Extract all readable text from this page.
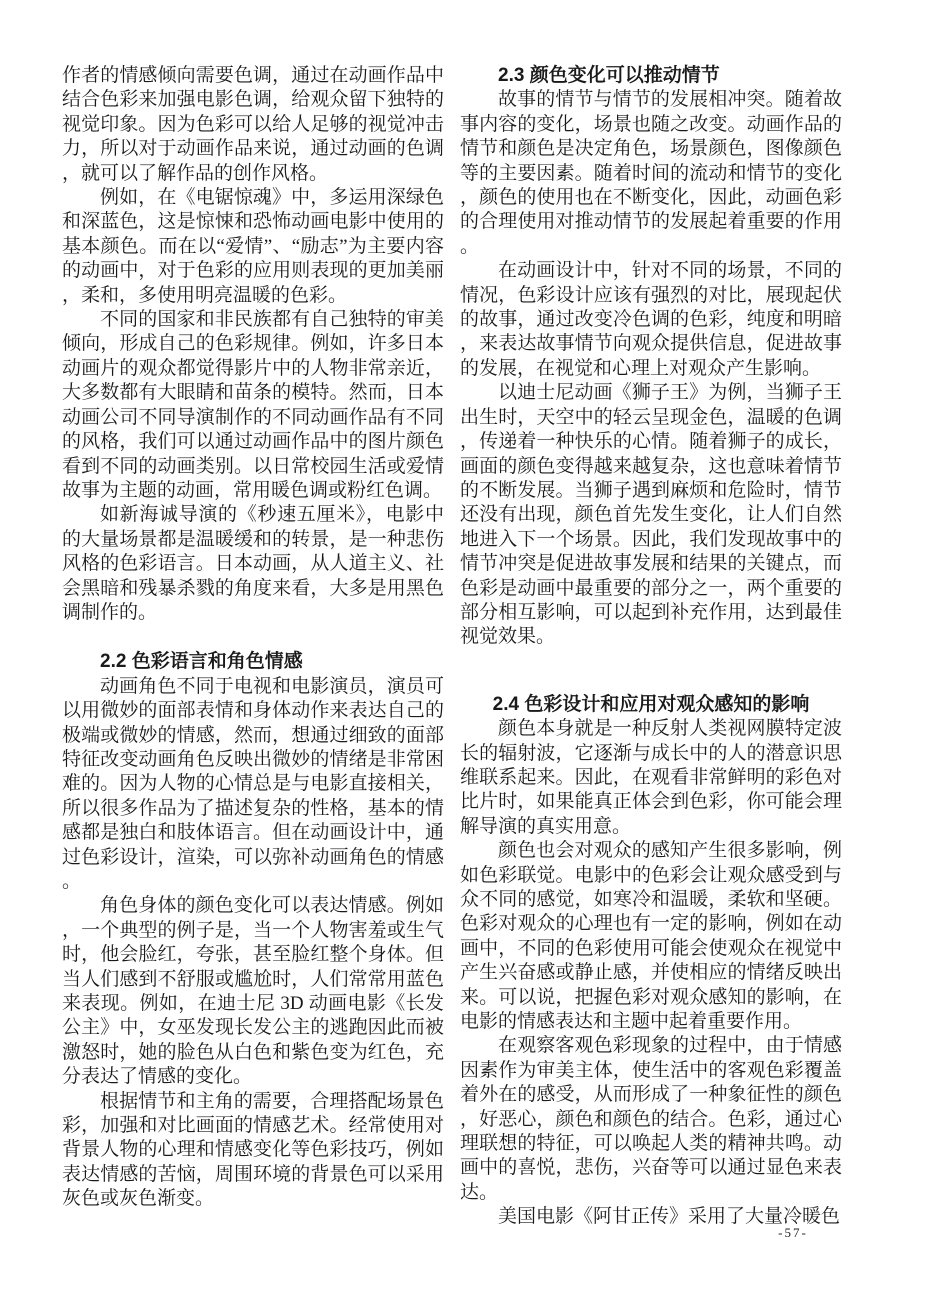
作者的情感倾向需要色调，通过在动画作品中结合色彩来加强电影色调，给观众留下独特的视觉印象。因为色彩可以给人足够的视觉冲击力，所以对于动画作品来说，通过动画的色调，就可以了解作品的创作风格。

例如，在《电锯惊魂》中，多运用深绿色和深蓝色，这是惊悚和恐怖动画电影中使用的基本颜色。而在以“爱情”、“励志”为主要内容的动画中，对于色彩的应用则表现的更加美丽，柔和，多使用明亮温暖的色彩。

不同的国家和非民族都有自己独特的审美倾向，形成自己的色彩规律。例如，许多日本动画片的观众都觉得影片中的人物非常亲近，大多数都有大眼睛和苗条的模特。然而，日本动画公司不同导演制作的不同动画作品有不同的风格，我们可以通过动画作品中的图片颜色看到不同的动画类别。以日常校园生活或爱情故事为主题的动画，常用暖色调或粉红色调。

如新海诚导演的《秒速五厘米》，电影中的大量场景都是温暖缓和的转景，是一种悲伤风格的色彩语言。日本动画，从人道主义、社会黑暗和残暴杀戮的角度来看，大多是用黑色调制作的。

2.2 色彩语言和角色情感

动画角色不同于电视和电影演员，演员可以用微妙的面部表情和身体动作来表达自己的极端或微妙的情感，然而，想通过细致的面部特征改变动画角色反映出微妙的情绪是非常困难的。因为人物的心情总是与电影直接相关，所以很多作品为了描述复杂的性格，基本的情感都是独白和肢体语言。但在动画设计中，通过色彩设计，渲染，可以弥补动画角色的情感。

角色身体的颜色变化可以表达情感。例如，一个典型的例子是，当一个人物害羞或生气时，他会脸红，夸张，甚至脸红整个身体。但当人们感到不舒服或尴尬时，人们常常用蓝色来表现。例如，在迪士尼 3D 动画电影《长发公主》中，女巫发现长发公主的逃跑因此而被激怒时，她的脸色从白色和紫色变为红色，充分表达了情感的变化。

根据情节和主角的需要，合理搭配场景色彩，加强和对比画面的情感艺术。经常使用对背景人物的心理和情感变化等色彩技巧，例如表达情感的苦恼，周围环境的背景色可以采用灰色或灰色渐变。

2.3 颜色变化可以推动情节

故事的情节与情节的发展相冲突。随着故事内容的变化，场景也随之改变。动画作品的情节和颜色是决定角色，场景颜色，图像颜色等的主要因素。随着时间的流动和情节的变化，颜色的使用也在不断变化，因此，动画色彩的合理使用对推动情节的发展起着重要的作用。

在动画设计中，针对不同的场景，不同的情况，色彩设计应该有强烈的对比，展现起伏的故事，通过改变冷色调的色彩，纯度和明暗，来表达故事情节向观众提供信息，促进故事的发展，在视觉和心理上对观众产生影响。

以迪士尼动画《狮子王》为例，当狮子王出生时，天空中的轻云呈现金色，温暖的色调，传递着一种快乐的心情。随着狮子的成长，画面的颜色变得越来越复杂，这也意味着情节的不断发展。当狮子遇到麻烦和危险时，情节还没有出现，颜色首先发生变化，让人们自然地进入下一个场景。因此，我们发现故事中的情节冲突是促进故事发展和结果的关键点，而色彩是动画中最重要的部分之一，两个重要的部分相互影响，可以起到补充作用，达到最佳视觉效果。

2.4 色彩设计和应用对观众感知的影响

颜色本身就是一种反射人类视网膜特定波长的辐射波，它逐渐与成长中的人的潜意识思维联系起来。因此，在观看非常鲜明的彩色对比片时，如果能真正体会到色彩，你可能会理解导演的真实用意。

颜色也会对观众的感知产生很多影响，例如色彩联觉。电影中的色彩会让观众感受到与众不同的感觉，如寒冷和温暖，柔软和坚硬。色彩对观众的心理也有一定的影响，例如在动画中，不同的色彩使用可能会使观众在视觉中产生兴奋感或静止感，并使相应的情绪反映出来。可以说，把握色彩对观众感知的影响，在电影的情感表达和主题中起着重要作用。

在观察客观色彩现象的过程中，由于情感因素作为审美主体，使生活中的客观色彩覆盖着外在的感受，从而形成了一种象征性的颜色，好恶心，颜色和颜色的结合。色彩，通过心理联想的特征，可以唤起人类的精神共鸣。动画中的喜悦，悲伤，兴奋等可以通过显色来表达。

美国电影《阿甘正传》采用了大量冷暖色

-57-
